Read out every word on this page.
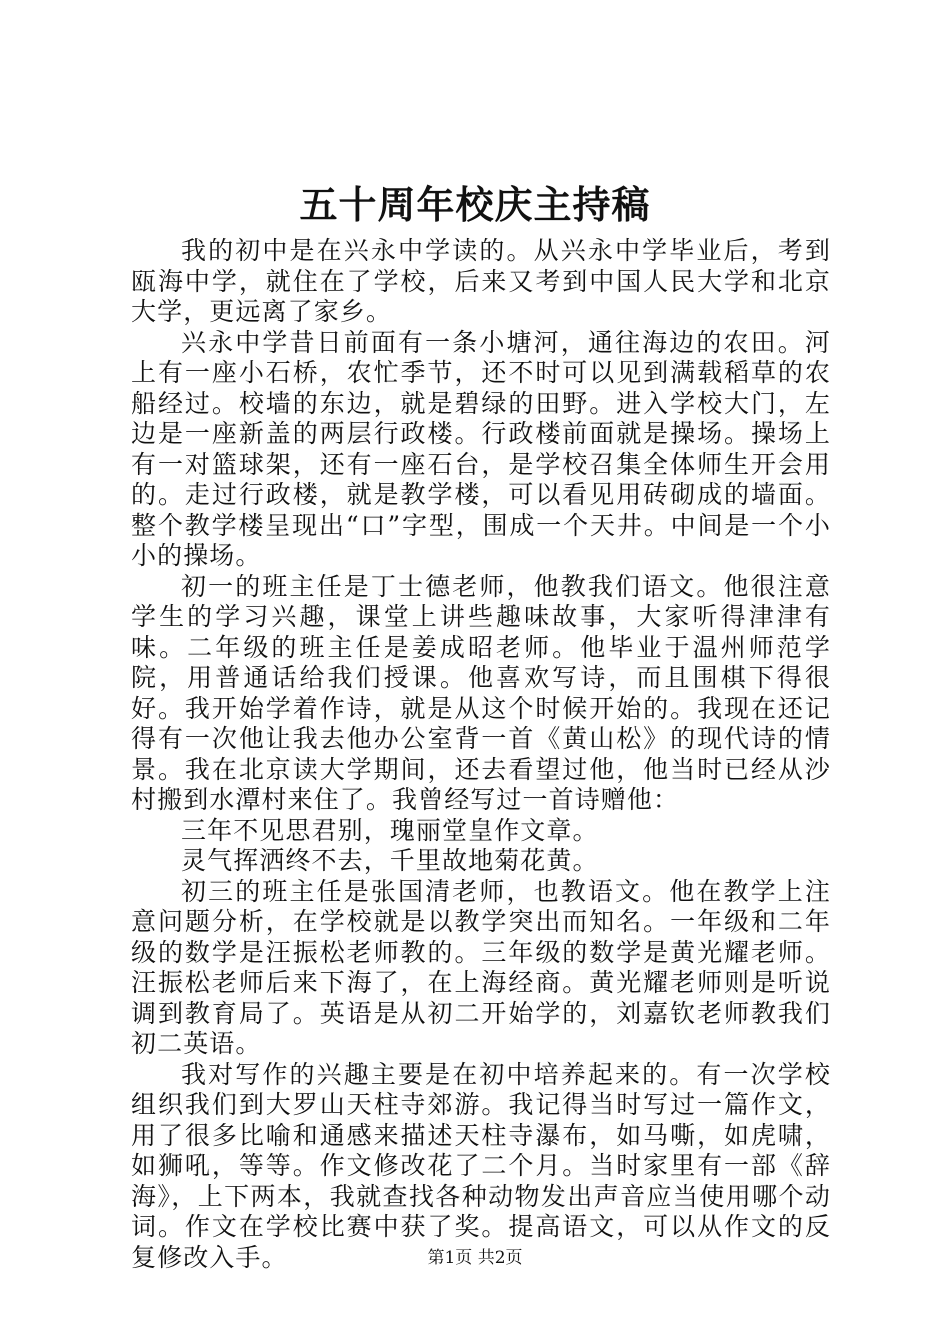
五十周年校庆主持稿

我的初中是在兴永中学读的。从兴永中学毕业后，考到瓯海中学，就住在了学校，后来又考到中国人民大学和北京大学，更远离了家乡。

兴永中学昔日前面有一条小塘河，通往海边的农田。河上有一座小石桥，农忙季节，还不时可以见到满载稻草的农船经过。校墙的东边，就是碧绿的田野。进入学校大门，左边是一座新盖的两层行政楼。行政楼前面就是操场。操场上有一对篮球架，还有一座石台，是学校召集全体师生开会用的。走过行政楼，就是教学楼，可以看见用砖砌成的墙面。整个教学楼呈现出“口”字型，围成一个天井。中间是一个小小的操场。

初一的班主任是丁士德老师，他教我们语文。他很注意学生的学习兴趣，课堂上讲些趣味故事，大家听得津津有味。二年级的班主任是姜成昭老师。他毕业于温州师范学院，用普通话给我们授课。他喜欢写诗，而且围棋下得很好。我开始学着作诗，就是从这个时候开始的。我现在还记得有一次他让我去他办公室背一首《黄山松》的现代诗的情景。我在北京读大学期间，还去看望过他，他当时已经从沙村搬到水潭村来住了。我曾经写过一首诗赠他：

三年不见思君别，瑰丽堂皇作文章。

灵气挥洒终不去，千里故地菊花黄。

初三的班主任是张国清老师，也教语文。他在教学上注意问题分析，在学校就是以教学突出而知名。一年级和二年级的数学是汪振松老师教的。三年级的数学是黄光耀老师。汪振松老师后来下海了，在上海经商。黄光耀老师则是听说调到教育局了。英语是从初二开始学的，刘嘉钦老师教我们初二英语。

我对写作的兴趣主要是在初中培养起来的。有一次学校组织我们到大罗山天柱寺郊游。我记得当时写过一篇作文，用了很多比喻和通感来描述天柱寺瀑布，如马嘶，如虎啸，如狮吼，等等。作文修改花了二个月。当时家里有一部《辞海》，上下两本，我就查找各种动物发出声音应当使用哪个动词。作文在学校比赛中获了奖。提高语文，可以从作文的反复修改入手。	第1页 共2页
